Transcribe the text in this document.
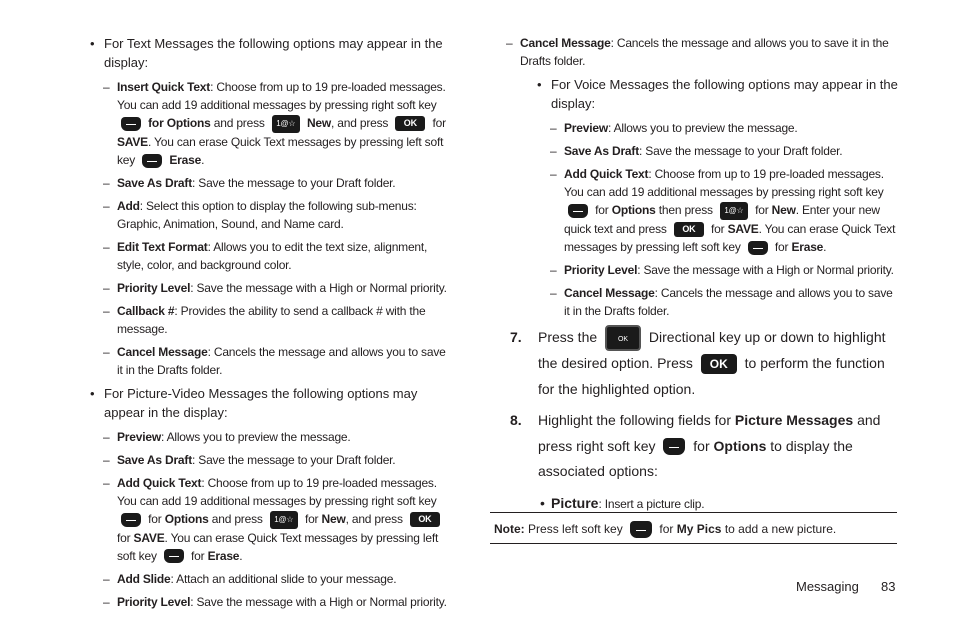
• For Text Messages the following options may appear in the display:
– Insert Quick Text: Choose from up to 19 pre-loaded messages. You can add 19 additional messages by pressing right soft key for Options and press 1@☆ New, and press OK for SAVE. You can erase Quick Text messages by pressing left soft key	Erase.
– Save As Draft: Save the message to your Draft folder.
– Add: Select this option to display the following sub-menus: Graphic, Animation, Sound, and Name card.
– Edit Text Format: Allows you to edit the text size, alignment, style, color, and background color.
– Priority Level: Save the message with a High or Normal priority.
– Callback #: Provides the ability to send a callback # with the message.
– Cancel Message: Cancels the message and allows you to save it in the Drafts folder.
• For Picture-Video Messages the following options may appear in the display:
– Preview: Allows you to preview the message.
– Save As Draft: Save the message to your Draft folder.
– Add Quick Text: Choose from up to 19 pre-loaded messages. You can add 19 additional messages by pressing right soft key  for Options and press 1@☆ for New, and press OK for SAVE. You can erase Quick Text messages by pressing left soft key	for Erase.
– Add Slide: Attach an additional slide to your message.
– Priority Level: Save the message with a High or Normal priority.
– Cancel Message: Cancels the message and allows you to save it in the Drafts folder.
• For Voice Messages the following options may appear in the display:
– Preview: Allows you to preview the message.
– Save As Draft: Save the message to your Draft folder.
– Add Quick Text: Choose from up to 19 pre-loaded messages. You can add 19 additional messages by pressing right soft key  for Options then press 1@☆ for New. Enter your new quick text and press OK for SAVE. You can erase Quick Text messages by pressing left soft key	for Erase.
– Priority Level: Save the message with a High or Normal priority.
– Cancel Message: Cancels the message and allows you to save it in the Drafts folder.
7. Press the	OK Directional key up or down to highlight the desired option. Press OK to perform the function for the highlighted option.
8. Highlight the following fields for Picture Messages and press right soft key	for Options to display the associated options:
• Picture: Insert a picture clip.
Note: Press left soft key	for My Pics to add a new picture.
Messaging 83
